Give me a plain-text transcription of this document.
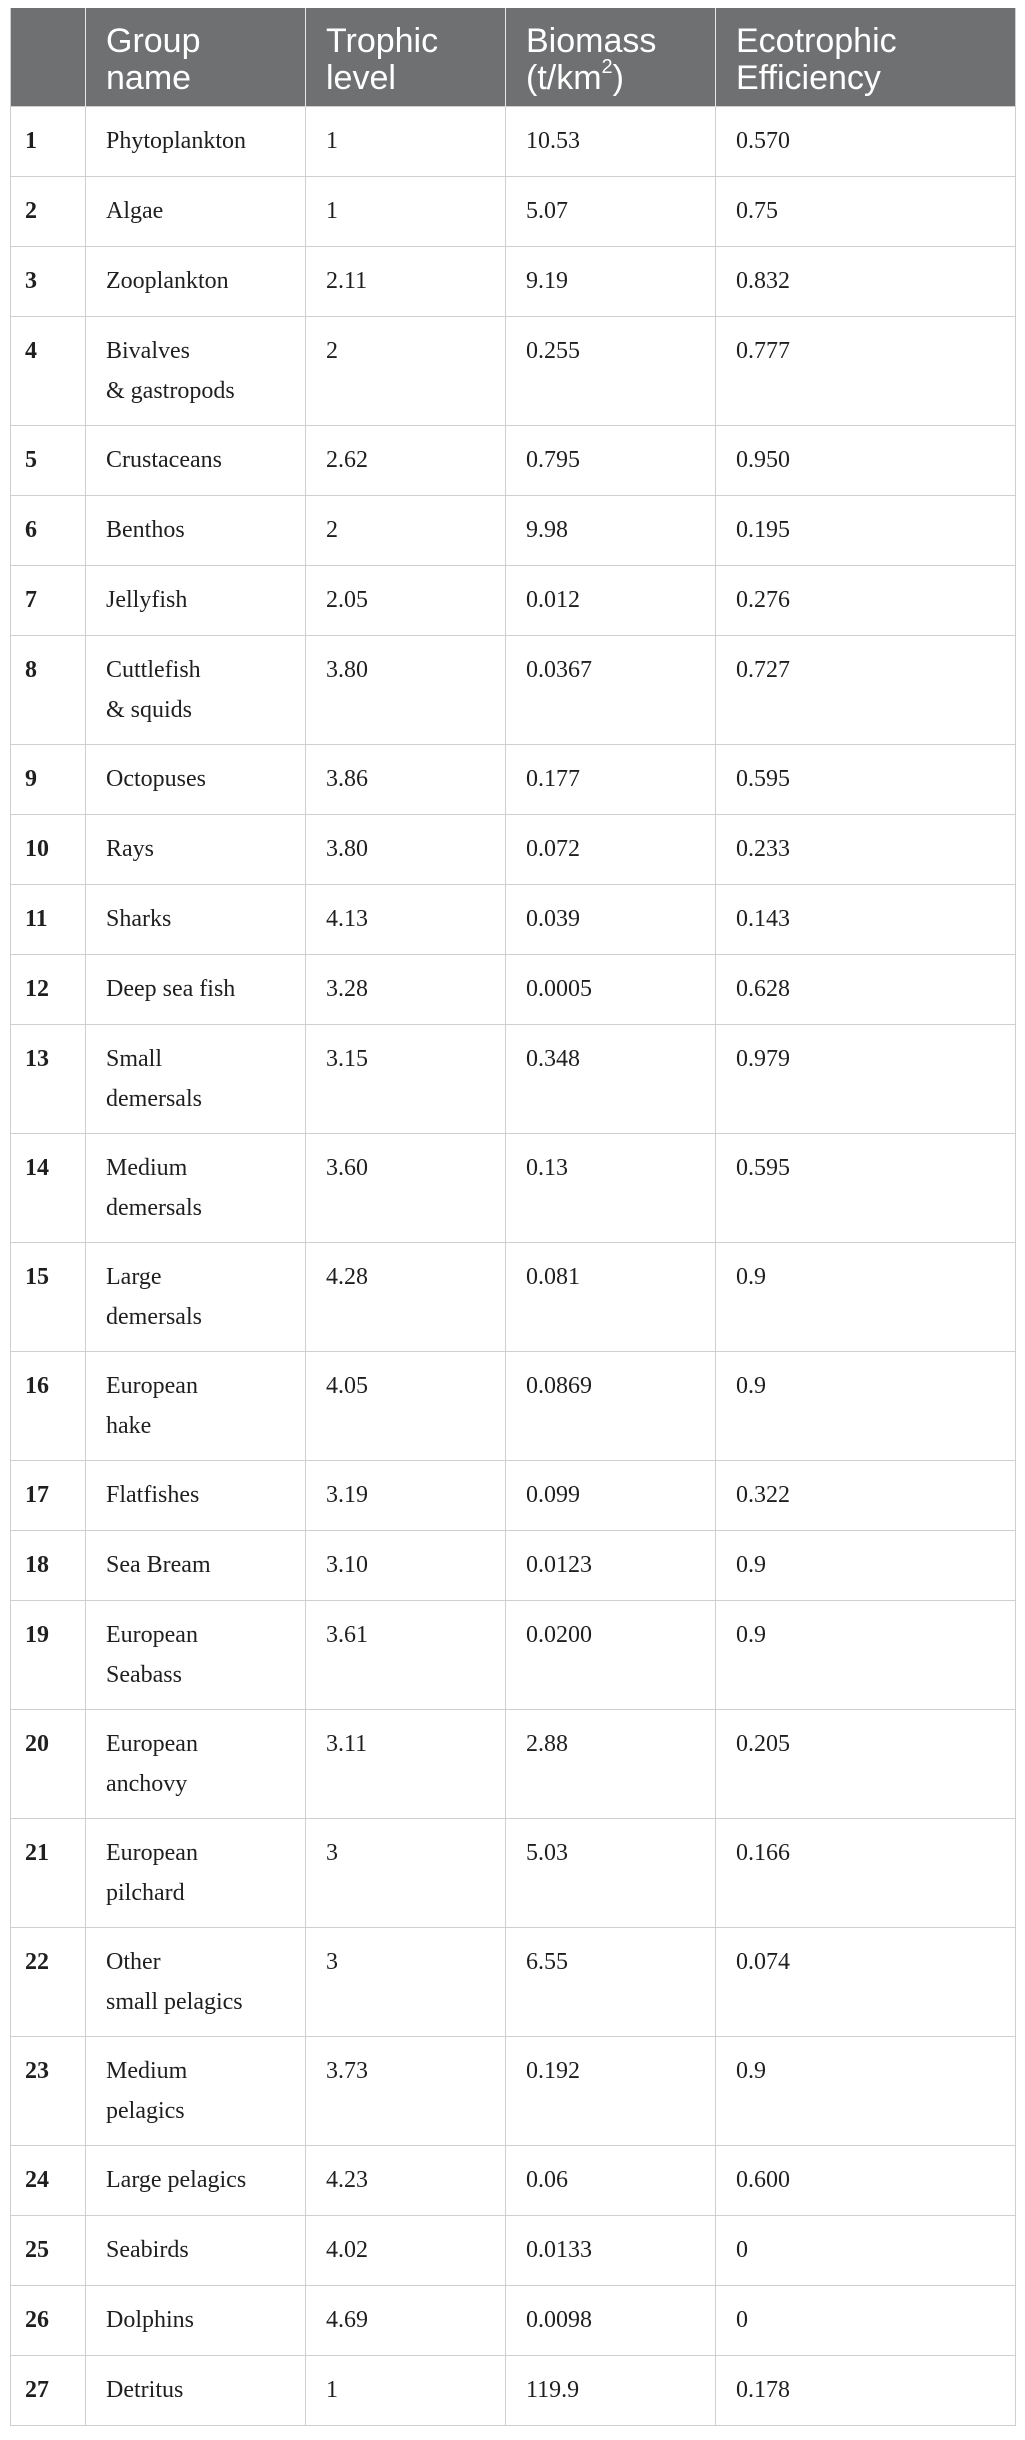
	Group name	Trophic level	Biomass $(t/km^2)$	Ecotrophic Efficiency
1	Phytoplankton	1	10.53	0.570
2	Algae	1	5.07	0.75
3	Zooplankton	2.11	9.19	0.832
4	Bivalves
& gastropods	2	0.255	0.777
5	Crustaceans	2.62	0.795	0.950
6	Benthos	2	9.98	0.195
7	Jellyfish	2.05	0.012	0.276
8	Cuttlefish
& squids	3.80	0.0367	0.727
9	Octopuses	3.86	0.177	0.595
10	Rays	3.80	0.072	0.233
11	Sharks	4.13	0.039	0.143
12	Deep sea fish	3.28	0.0005	0.628
13	Small
demersals	3.15	0.348	0.979
14	Medium
demersals	3.60	0.13	0.595
15	Large
demersals	4.28	0.081	0.9
16	European
hake	4.05	0.0869	0.9
17	Flatfishes	3.19	0.099	0.322
18	Sea Bream	3.10	0.0123	0.9
19	European
Seabass	3.61	0.0200	0.9
20	European
anchovy	3.11	2.88	0.205
21	European
pilchard	3	5.03	0.166
22	Other
small pelagics	3	6.55	0.074
23	Medium
pelagics	3.73	0.192	0.9
24	Large pelagics	4.23	0.06	0.600
25	Seabirds	4.02	0.0133	0
26	Dolphins	4.69	0.0098	0
27	Detritus	1	119.9	0.178
